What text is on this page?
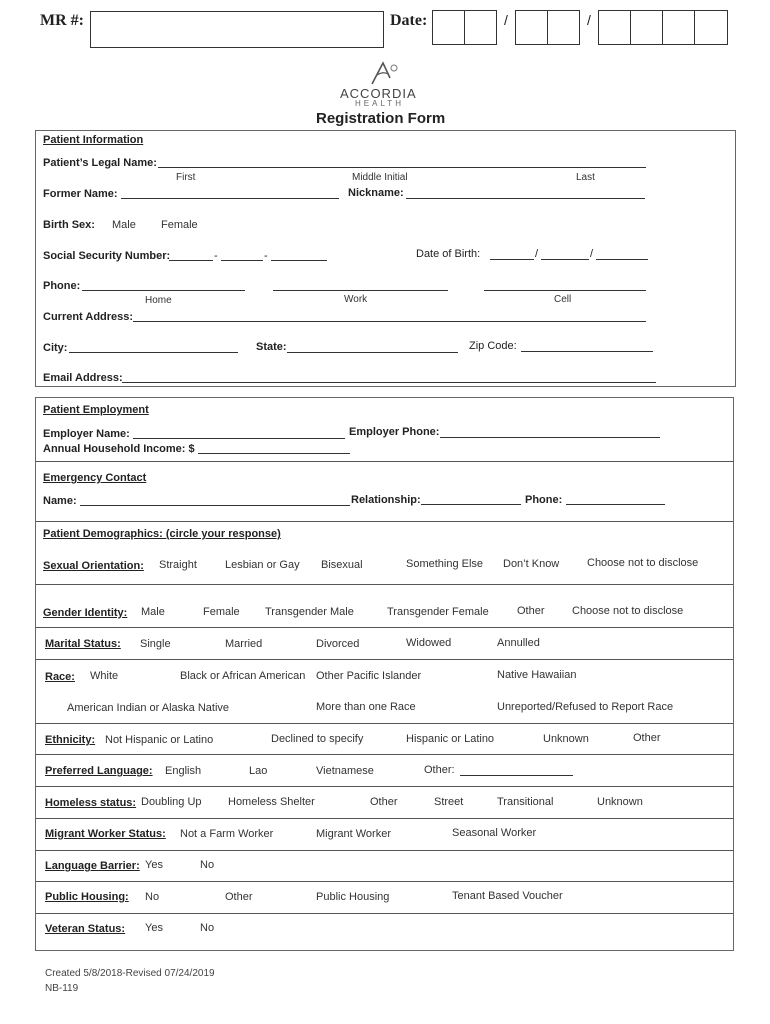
MR #:	Date:	/	/
ACCORDIA
HEALTH
Registration Form
Patient Information
Patient’s Legal Name:
First	Middle Initial	Last
Former Name:	Nickname:
Birth Sex: Male Female
Social Security Number:	-	-	Date of Birth:	/	/
Phone:
Home	Work	Cell
Current Address:
City:	State:	Zip Code:
Email Address:
Patient Employment
Employer Name:	Employer Phone:
Annual Household Income: $
Emergency Contact
Name:	Relationship:	Phone:
Patient Demographics: (circle your response)
Sexual Orientation: Straight	Lesbian or Gay Bisexual	Something Else Don’t Know	Choose not to disclose
Gender Identity: Male	Female Transgender Male	Transgender Female	Other Choose not to disclose
Marital Status: Single	Married	Divorced	Widowed	Annulled
Race: White	Black or African American Other Pacific Islander	Native Hawaiian
American Indian or Alaska Native	More than one Race	Unreported/Refused to Report Race
Ethnicity: Not Hispanic or Latino	Declined to specify	Hispanic or Latino	Unknown	Other
Preferred Language: English	Lao	Vietnamese	Other:
Homeless status: Doubling Up Homeless Shelter	Other	Street	Transitional	Unknown
Migrant Worker Status: Not a Farm Worker	Migrant Worker	Seasonal Worker
Language Barrier: Yes	No
Public Housing: No	Other	Public Housing	Tenant Based Voucher
Veteran Status: Yes	No
Created 5/8/2018-Revised 07/24/2019
NB-119
